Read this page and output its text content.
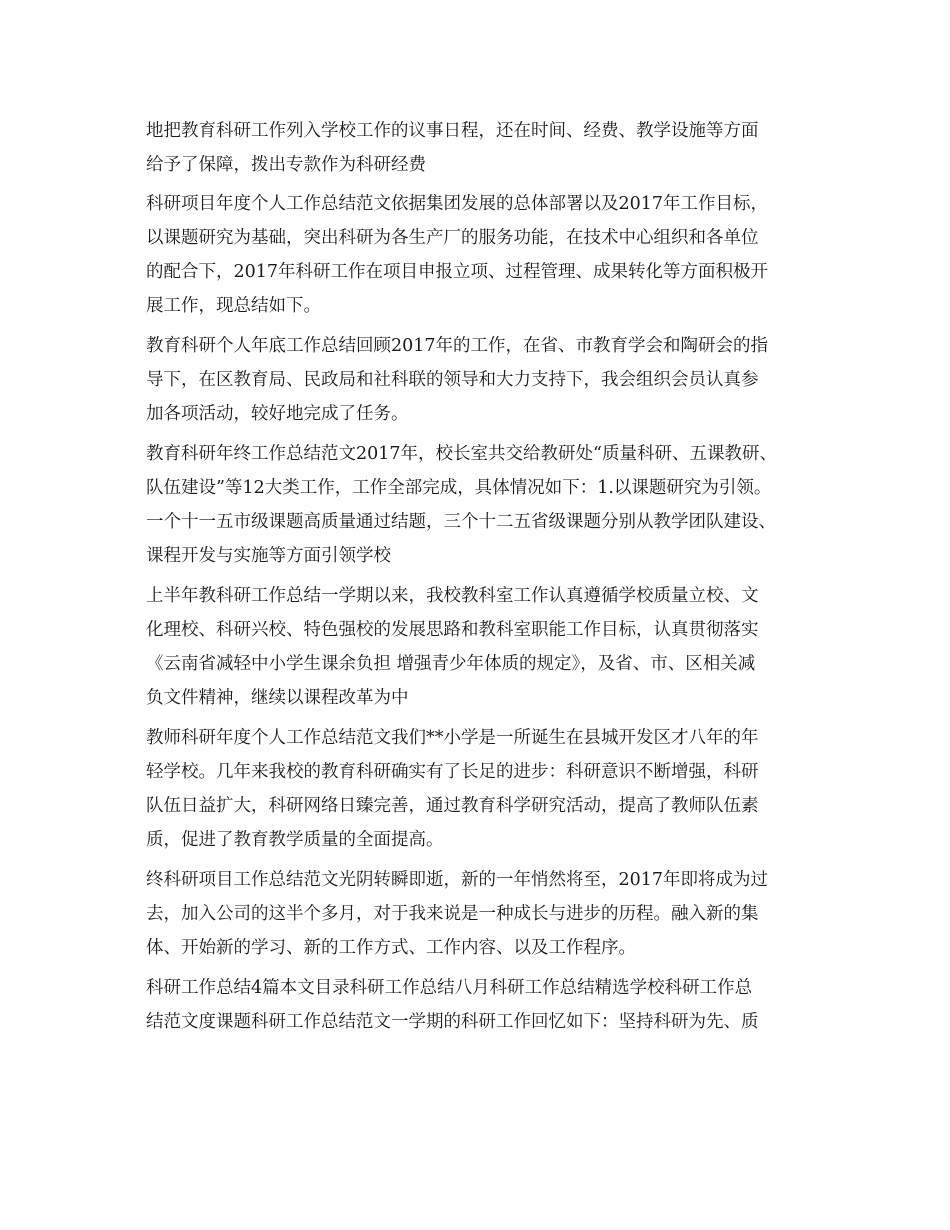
地把教育科研工作列入学校工作的议事日程，还在时间、经费、教学设施等方面

给予了保障，拨出专款作为科研经费

科研项目年度个人工作总结范文依据集团发展的总体部署以及2017年工作目标，

以课题研究为基础，突出科研为各生产厂的服务功能，在技术中心组织和各单位

的配合下，2017年科研工作在项目申报立项、过程管理、成果转化等方面积极开

展工作，现总结如下。

教育科研个人年底工作总结回顾2017年的工作，在省、市教育学会和陶研会的指

导下，在区教育局、民政局和社科联的领导和大力支持下，我会组织会员认真参

加各项活动，较好地完成了任务。

教育科研年终工作总结范文2017年，校长室共交给教研处“质量科研、五课教研、

队伍建设”等12大类工作，工作全部完成，具体情况如下：1.以课题研究为引领。

一个十一五市级课题高质量通过结题，三个十二五省级课题分别从教学团队建设、

课程开发与实施等方面引领学校

上半年教科研工作总结一学期以来，我校教科室工作认真遵循学校质量立校、文

化理校、科研兴校、特色强校的发展思路和教科室职能工作目标，认真贯彻落实

《云南省减轻中小学生课余负担 增强青少年体质的规定》，及省、市、区相关减

负文件精神，继续以课程改革为中

教师科研年度个人工作总结范文我们**小学是一所诞生在县城开发区才八年的年

轻学校。几年来我校的教育科研确实有了长足的进步：科研意识不断增强，科研

队伍日益扩大，科研网络日臻完善，通过教育科学研究活动，提高了教师队伍素

质，促进了教育教学质量的全面提高。

终科研项目工作总结范文光阴转瞬即逝，新的一年悄然将至，2017年即将成为过

去，加入公司的这半个多月，对于我来说是一种成长与进步的历程。融入新的集

体、开始新的学习、新的工作方式、工作内容、以及工作程序。

科研工作总结4篇本文目录科研工作总结八月科研工作总结精选学校科研工作总

结范文度课题科研工作总结范文一学期的科研工作回忆如下：坚持科研为先、质
